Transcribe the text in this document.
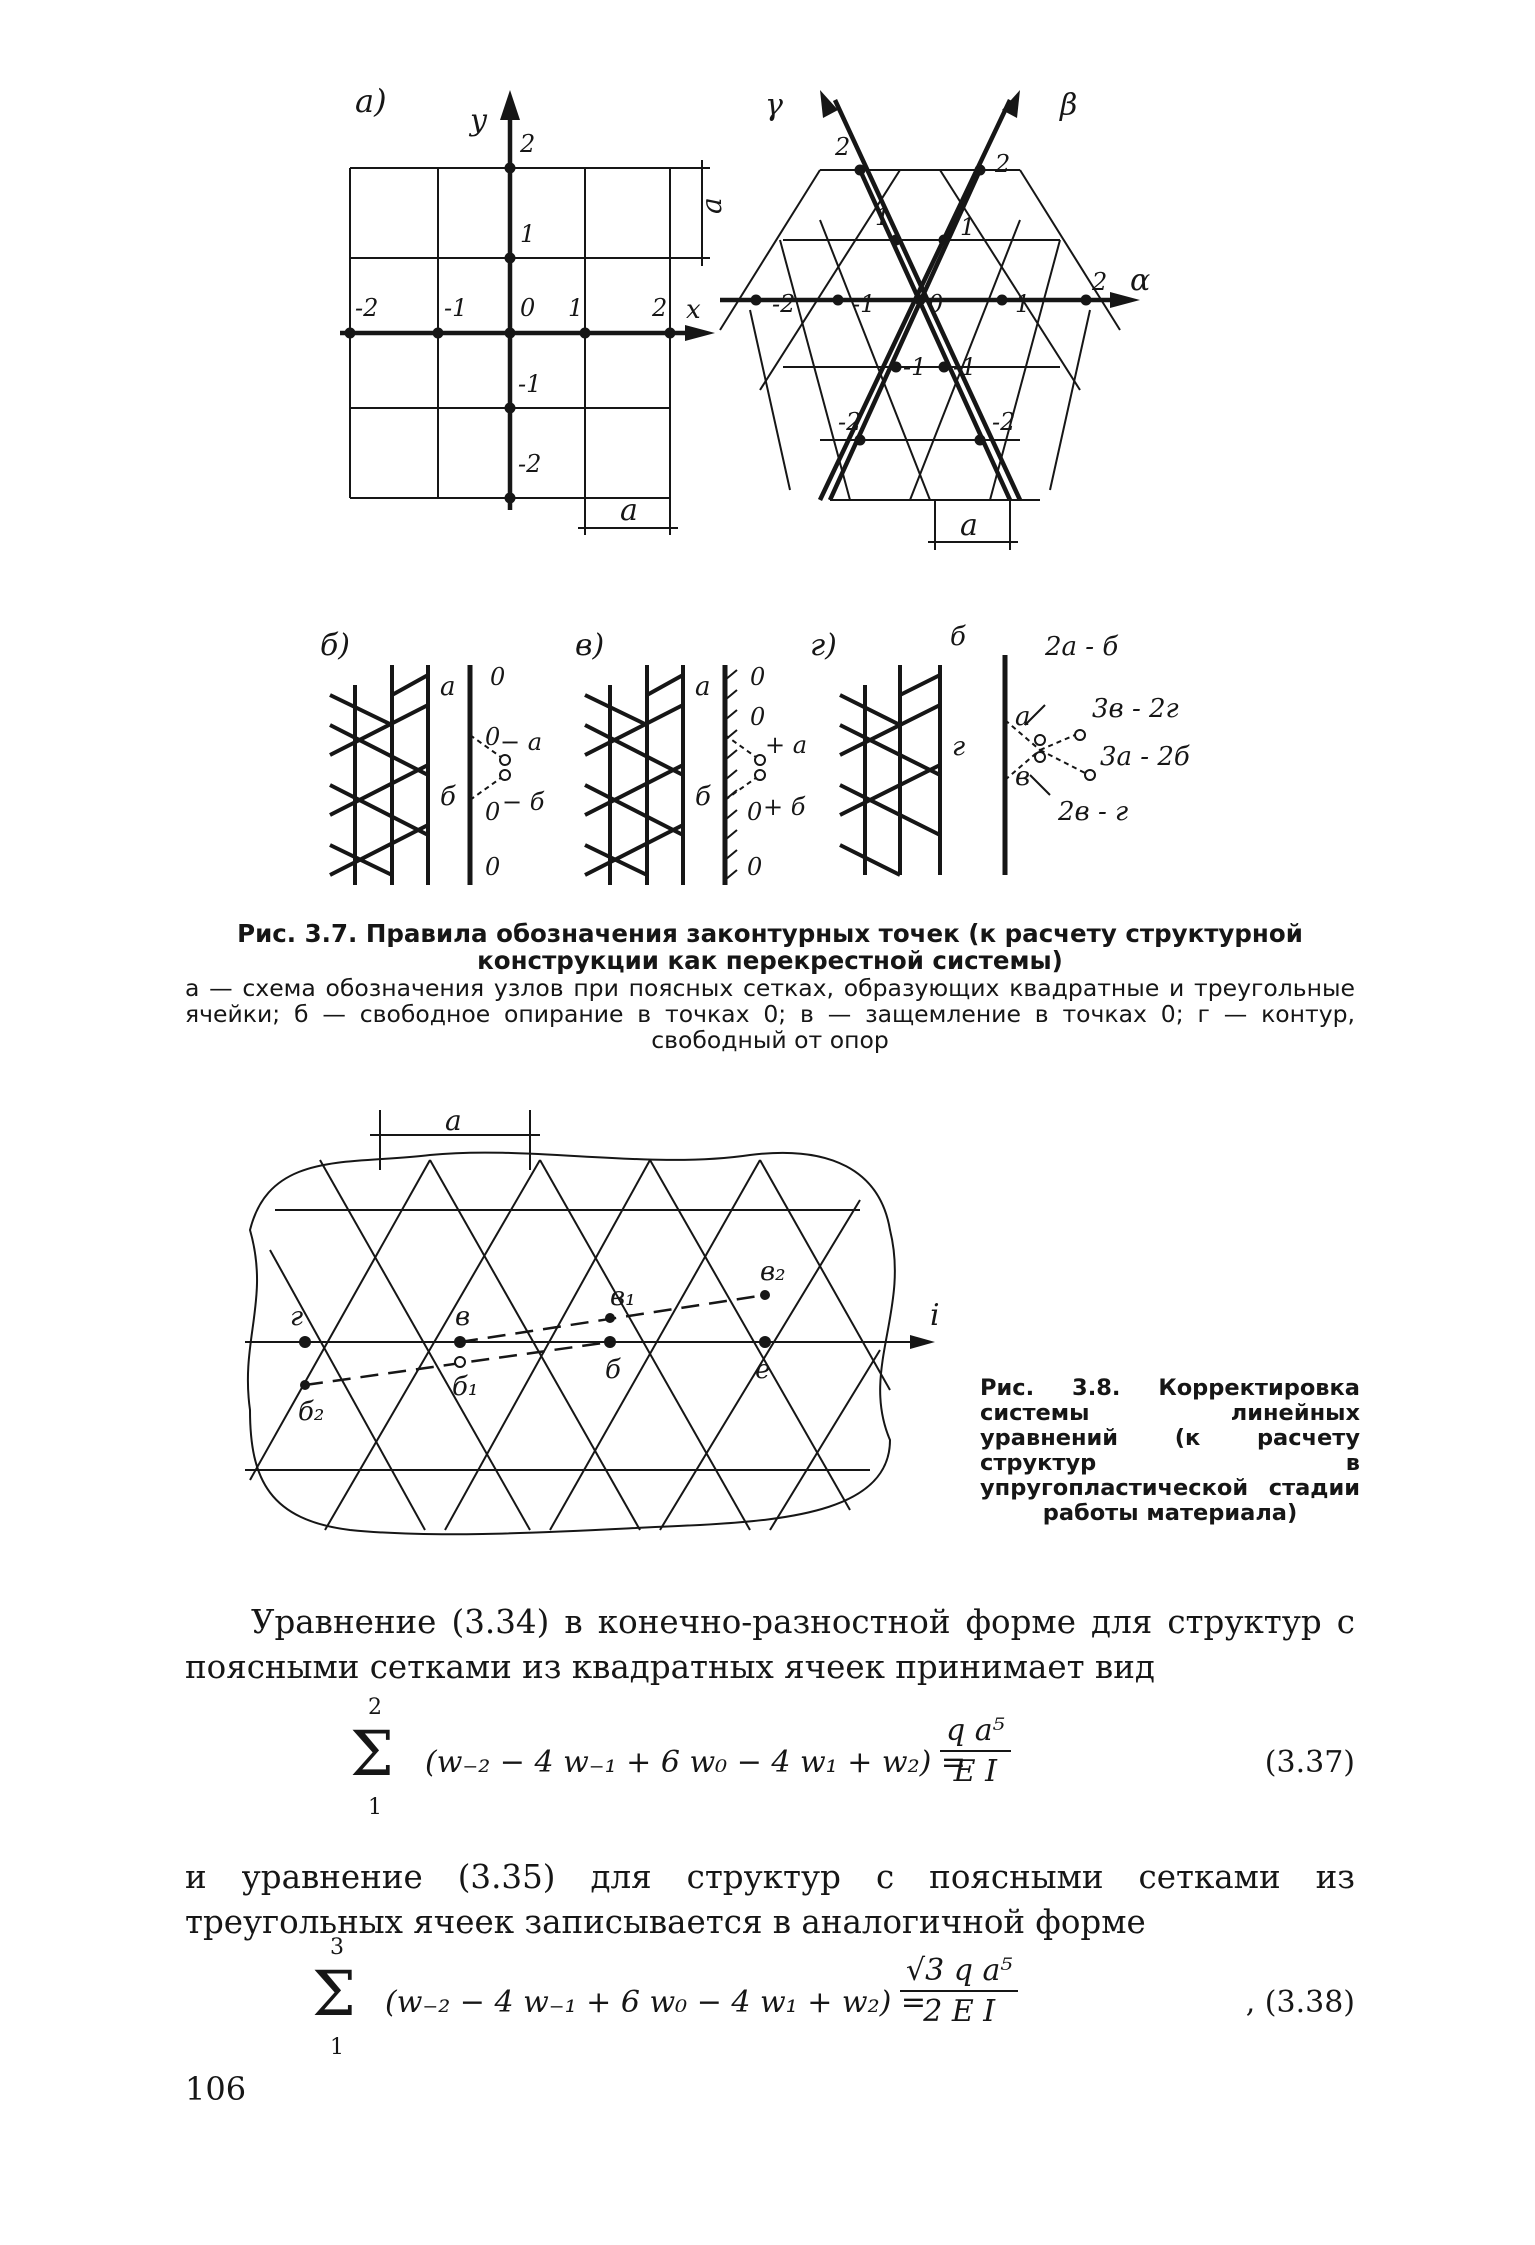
а)
y
x
-2	-1 0 1	2
2
1
-1
-2
a
a
γ	β
α
-2 -1 0	1
2
2
1
2
1
-1 -1
-2	-2
a
б)
а
б
0
0
0
0
− а
− б
в)
а
б
0
0
0
0
+ а
+ б
г)	б
а
г
в
2а - б
3в - 2г
3а - 2б
2в - г

Рис. 3.7. Правила обозначения законтурных точек (к расчету структурной конструкции как перекрестной системы)

а — схема обозначения узлов при поясных сетках, образующих квадратные и треугольные ячейки; б — свободное опирание в точках 0; в — защемление в точках 0; г — контур, свободный от опор

a
i
г	в
в₁
в₂
б
б₁
б₂
е

Рис. 3.8. Корректировка системы линейных уравнений (к расчету структур в упругопластической стадии работы материала)

Уравнение (3.34) в конечно-разностной форме для структур с поясными сетками из квадратных ячеек принимает вид

2
Σ
1
(w₋₂ − 4 w₋₁ + 6 w₀ − 4 w₁ + w₂) =
$\frac{\text{q a⁵}}{\text{E I}}$	(3.37)

и уравнение (3.35) для структур с поясными сетками из треугольных ячеек записывается в аналогичной форме

3
Σ
1
(w₋₂ − 4 w₋₁ + 6 w₀ − 4 w₁ + w₂) =
$\frac{\text{√3 q a⁵}}{\text{2 E I}}$	, (3.38)

106
